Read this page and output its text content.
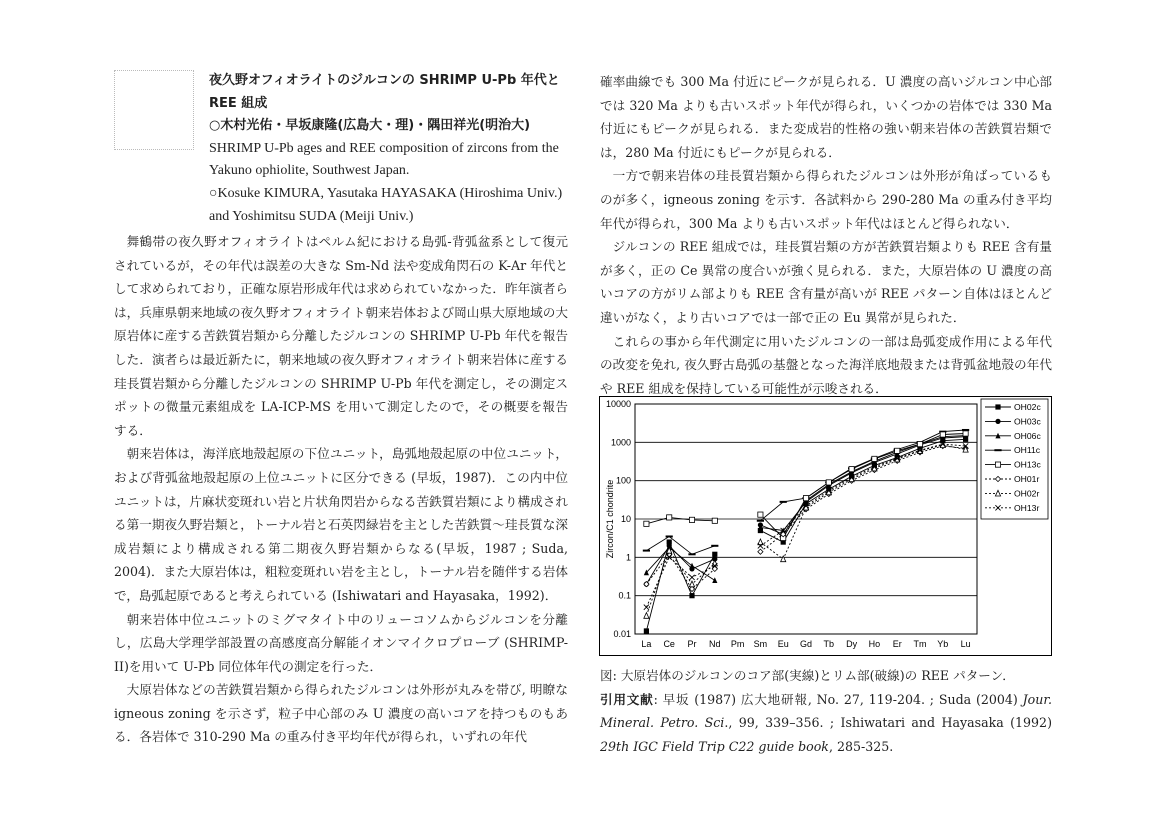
夜久野オフィオライトのジルコンの SHRIMP U-Pb 年代と REE 組成
○木村光佑・早坂康隆(広島大・理)・隅田祥光(明治大)
SHRIMP U-Pb ages and REE composition of zircons from the Yakuno ophiolite, Southwest Japan.
○Kosuke KIMURA, Yasutaka HAYASAKA (Hiroshima Univ.) and Yoshimitsu SUDA (Meiji Univ.)

舞鶴帯の夜久野オフィオライトはペルム紀における島弧-背弧盆系として復元されているが，その年代は誤差の大きな Sm-Nd 法や変成角閃石の K-Ar 年代として求められており，正確な原岩形成年代は求められていなかった．昨年演者らは，兵庫県朝来地域の夜久野オフィオライト朝来岩体および岡山県大原地域の大原岩体に産する苦鉄質岩類から分離したジルコンの SHRIMP U-Pb 年代を報告した．演者らは最近新たに，朝来地域の夜久野オフィオライト朝来岩体に産する珪長質岩類から分離したジルコンの SHRIMP U-Pb 年代を測定し，その測定スポットの微量元素組成を LA-ICP-MS を用いて測定したので，その概要を報告する．

朝来岩体は，海洋底地殻起原の下位ユニット，島弧地殻起原の中位ユニット，および背弧盆地殻起原の上位ユニットに区分できる (早坂，1987)．この内中位ユニットは，片麻状変斑れい岩と片状角閃岩からなる苦鉄質岩類により構成される第一期夜久野岩類と，トーナル岩と石英閃緑岩を主とした苦鉄質〜珪長質な深成岩類により構成される第二期夜久野岩類からなる(早坂，1987 ; Suda, 2004)．また大原岩体は，粗粒変斑れい岩を主とし，トーナル岩を随伴する岩体で，島弧起原であると考えられている (Ishiwatari and Hayasaka，1992)．

朝来岩体中位ユニットのミグマタイト中のリューコソムからジルコンを分離し，広島大学理学部設置の高感度高分解能イオンマイクロプローブ (SHRIMP-II)を用いて U-Pb 同位体年代の測定を行った．

大原岩体などの苦鉄質岩類から得られたジルコンは外形が丸みを帯び, 明瞭な igneous zoning を示さず，粒子中心部のみ U 濃度の高いコアを持つものもある．各岩体で 310-290 Ma の重み付き平均年代が得られ，いずれの年代

確率曲線でも 300 Ma 付近にピークが見られる．U 濃度の高いジルコン中心部では 320 Ma よりも古いスポット年代が得られ，いくつかの岩体では 330 Ma 付近にもピークが見られる．また変成岩的性格の強い朝来岩体の苦鉄質岩類では，280 Ma 付近にもピークが見られる．

一方で朝来岩体の珪長質岩類から得られたジルコンは外形が角ばっているものが多く，igneous zoning を示す．各試料から 290-280 Ma の重み付き平均年代が得られ，300 Ma よりも古いスポット年代はほとんど得られない．

ジルコンの REE 組成では，珪長質岩類の方が苦鉄質岩類よりも REE 含有量が多く，正の Ce 異常の度合いが強く見られる．また，大原岩体の U 濃度の高いコアの方がリム部よりも REE 含有量が高いが REE パターン自体はほとんど違いがなく，より古いコアでは一部で正の Eu 異常が見られた．

これらの事から年代測定に用いたジルコンの一部は島弧変成作用による年代の改変を免れ, 夜久野古島弧の基盤となった海洋底地殻または背弧盆地殻の年代や REE 組成を保持している可能性が示唆される．

0.01
0.1
1
10
100
1000
10000
La Ce Pr Nd Pm Sm Eu Gd Tb Dy Ho Er Tm Yb Lu
Zircon/C1 chondrite
OH02c
OH03c
OH06c
OH11c
OH13c
OH01r
OH02r
OH13r
図: 大原岩体のジルコンのコア部(実線)とリム部(破線)の REE パターン．
引用文献: 早坂 (1987) 広大地研報, No. 27, 119-204. ; Suda (2004) Jour. Mineral. Petro. Sci., 99, 339–356. ; Ishiwatari and Hayasaka (1992) 29th IGC Field Trip C22 guide book, 285-325.
